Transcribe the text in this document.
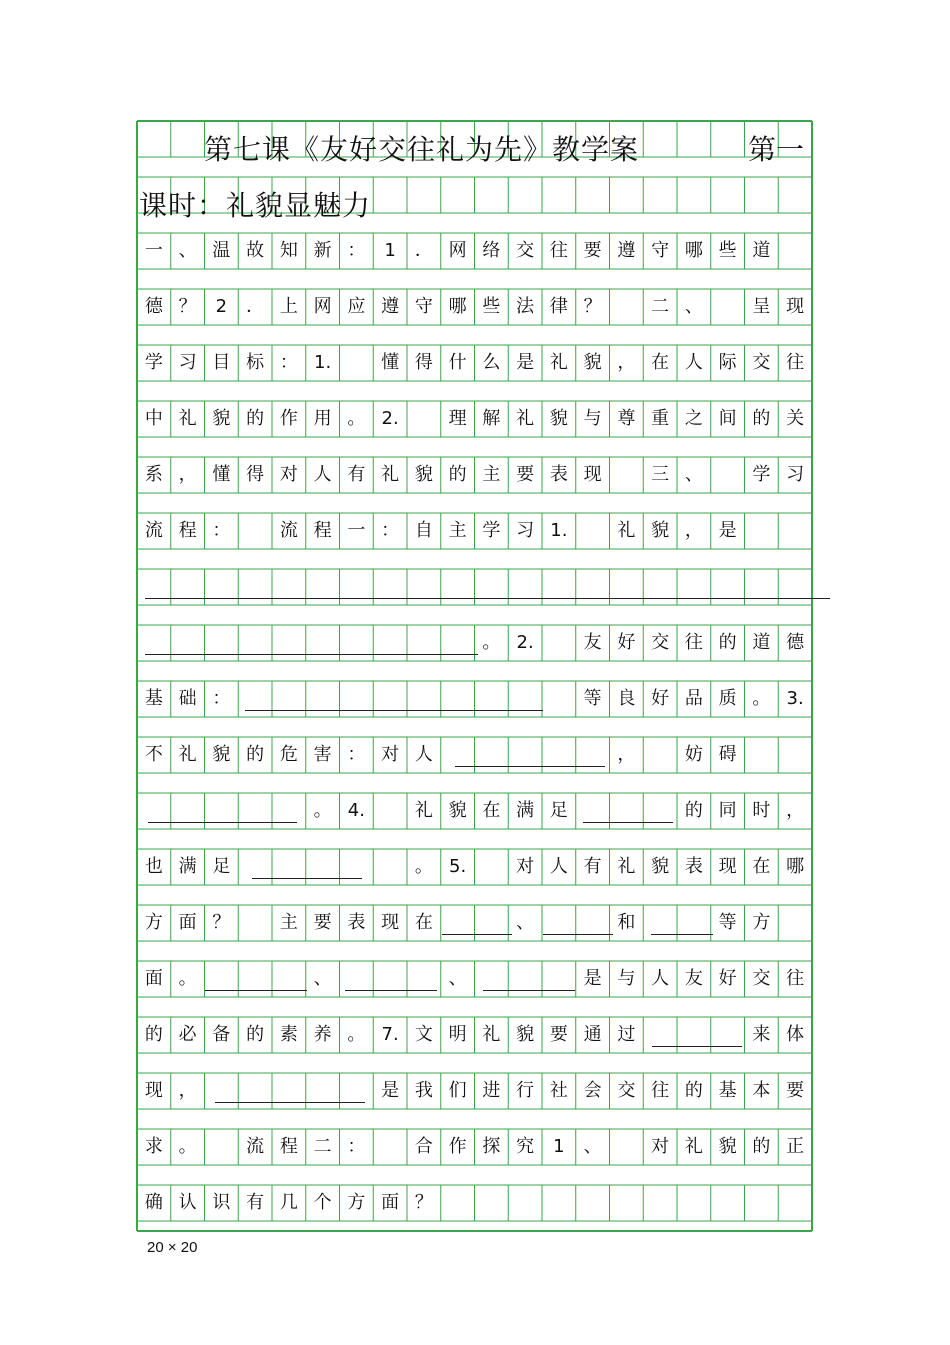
第七课《友好交往礼为先》教学案	第一
课时：礼貌显魅力
一 、 温 故 知 新 ：	1	． 网 络 交 往 要 遵 守 哪 些 道
德 ？	2	． 上 网 应 遵 守 哪 些 法 律 ？	二 、	呈 现
学 习 目 标 ： 1.	懂 得 什 么 是 礼 貌 ， 在 人 际 交 往
中 礼 貌 的 作 用 。 2.	理 解 礼 貌 与 尊 重 之 间 的 关
系 ， 懂 得 对 人 有 礼 貌 的 主 要 表 现	三 、	学 习
流 程 ：	流 程 一 ： 自 主 学 习 1.	礼 貌 ， 是
。 2.	友 好 交 往 的 道 德
基 础 ：	等 良 好 品 质 。 3.
不 礼 貌 的 危 害 ： 对 人	，	妨 碍
。 4.	礼 貌 在 满 足	的 同 时 ，
也 满 足	。 5.	对 人 有 礼 貌 表 现 在 哪
方 面 ？	主 要 表 现 在	、	和	等 方
面 。	、	、	是 与 人 友 好 交 往
的 必 备 的 素 养 。 7. 文 明 礼 貌 要 通 过	来 体
现 ，	是 我 们 进 行 社 会 交 往 的 基 本 要
求 。	流 程 二 ：	合 作 探 究	1	、	对 礼 貌 的 正
确 认 识 有 几 个 方 面 ？
20 × 20
